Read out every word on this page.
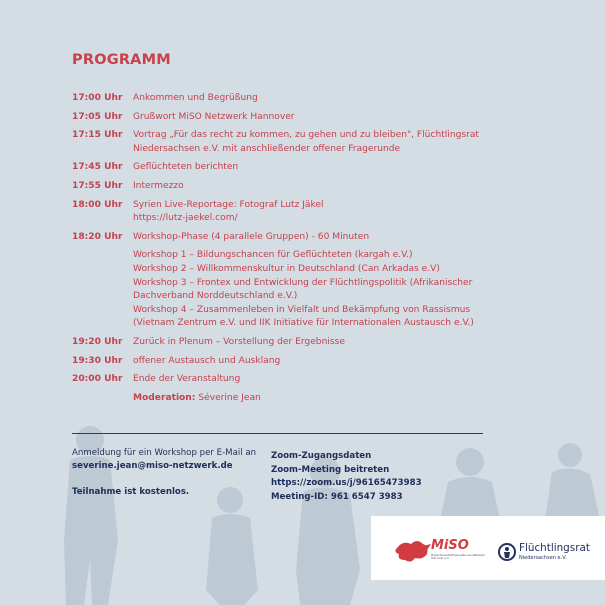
PROGRAMM
17:00 Uhr	Ankommen und Begrüßung
17:05 Uhr	Grußwort MiSO Netzwerk Hannover
17:15 Uhr	Vortrag „Für das recht zu kommen, zu gehen und zu bleiben", Flüchtlingsrat
Niedersachsen e.V. mit anschließender offener Fragerunde
17:45 Uhr	Geflüchteten berichten
17:55 Uhr	Intermezzo
18:00 Uhr	Syrien Live-Reportage: Fotograf Lutz Jäkel
https://lutz-jaekel.com/
18:20 Uhr	Workshop-Phase (4 parallele Gruppen) - 60 Minuten
Workshop 1 – Bildungschancen für Geflüchteten (kargah e.V.)
Workshop 2 – Willkommenskultur in Deutschland (Can Arkadas e.V)
Workshop 3 – Frontex und Entwicklung der Flüchtlingspolitik (Afrikanischer
Dachverband Norddeutschland e.V.)
Workshop 4 – Zusammenleben in Vielfalt und Bekämpfung von Rassismus
(Vietnam Zentrum e.V. und IIK Initiative für Internationalen Austausch e.V.)
19:20 Uhr	Zurück in Plenum – Vorstellung der Ergebnisse
19:30 Uhr	offener Austausch und Ausklang
20:00 Uhr	Ende der Veranstaltung
Moderation: Séverine Jean
Anmeldung für ein Workshop per E-Mail an
severine.jean@miso-netzwerk.de
Teilnahme ist kostenlos.
Zoom-Zugangsdaten
Zoom-Meeting beitreten
https://zoom.us/j/96165473983
Meeting-ID: 961 6547 3983
MiSO
MigrantenselbstOrganisationen-Netzwerk Hannover e.V.
Flüchtlingsrat
Niedersachsen e.V.
